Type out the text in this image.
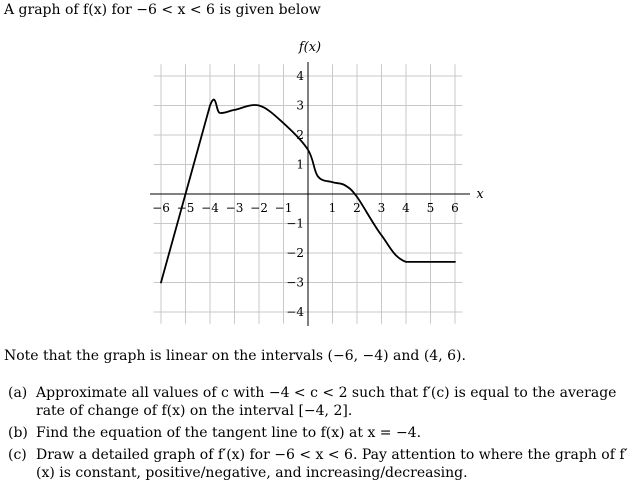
A graph of f(x) for −6 < x < 6 is given below
−6 −5 −4 −3 −2 −1	1 2 3 4 5 6
4
3
2
1
−1
−2
−3
−4
f(x)
x
Note that the graph is linear on the intervals (−6, −4) and (4, 6).
(a) Approximate all values of c with −4 < c < 2 such that f′(c) is equal to the average rate of change of f(x) on the interval [−4, 2].
(b) Find the equation of the tangent line to f(x) at x = −4.
(c) Draw a detailed graph of f′(x) for −6 < x < 6. Pay attention to where the graph of f′(x) is constant, positive/negative, and increasing/decreasing.
